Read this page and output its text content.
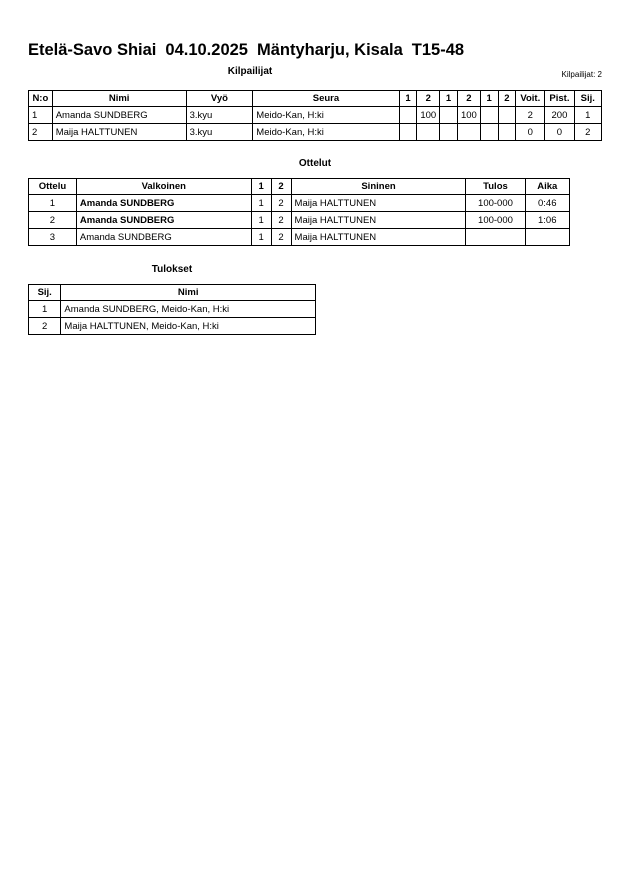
Etelä-Savo Shiai 04.10.2025 Mäntyharju, Kisala T15-48
Kilpailijat	Kilpailijat: 2
N:o	Nimi	Vyö	Seura	1	2	1	2	1	2	Voit.	Pist.	Sij.
1	Amanda SUNDBERG	3.kyu	Meido-Kan, H:ki		100		100			2	200	1
2	Maija HALTTUNEN	3.kyu	Meido-Kan, H:ki							0	0	2
Ottelut
Ottelu	Valkoinen	1	2	Sininen	Tulos	Aika
1	Amanda SUNDBERG	1	2	Maija HALTTUNEN	100-000	0:46
2	Amanda SUNDBERG	1	2	Maija HALTTUNEN	100-000	1:06
3	Amanda SUNDBERG	1	2	Maija HALTTUNEN		
Tulokset
Sij.	Nimi
1	Amanda SUNDBERG, Meido-Kan, H:ki
2	Maija HALTTUNEN, Meido-Kan, H:ki
